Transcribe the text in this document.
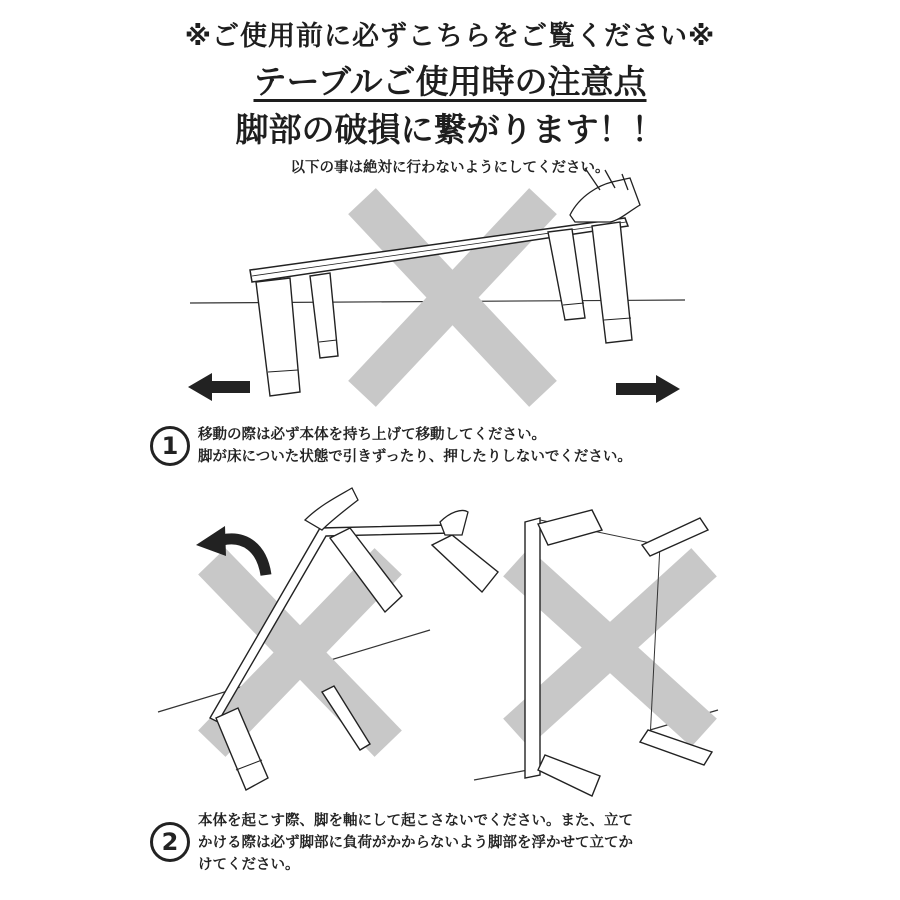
※ご使用前に必ずこちらをご覧ください※
テーブルご使用時の注意点
脚部の破損に繋がります！！
以下の事は絶対に行わないようにしてください。
1	移動の際は必ず本体を持ち上げて移動してください。
脚が床についた状態で引きずったり、押したりしないでください。
2
本体を起こす際、脚を軸にして起こさないでください。また、立て
かける際は必ず脚部に負荷がかからないよう脚部を浮かせて立てか
けてください。
